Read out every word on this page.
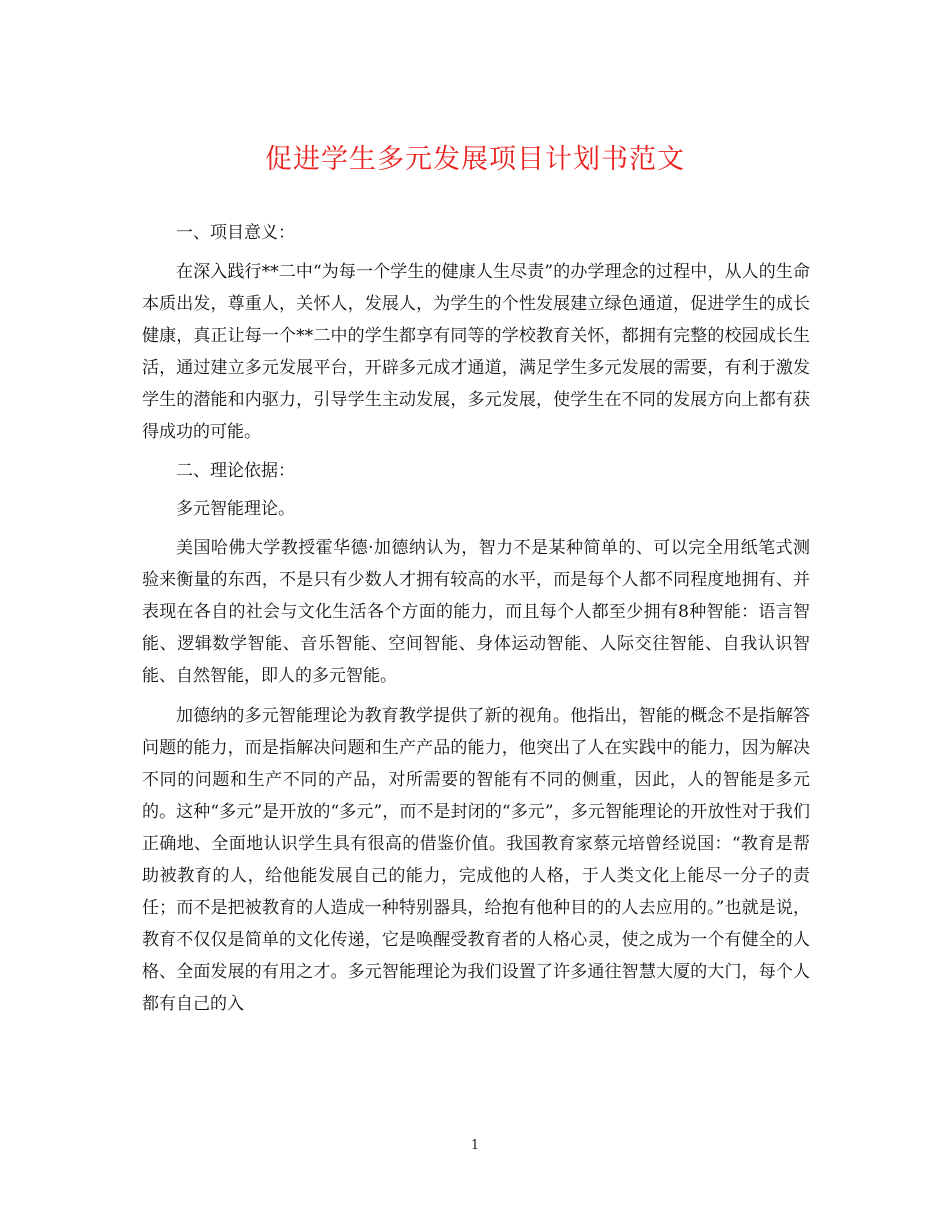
促进学生多元发展项目计划书范文

一、项目意义：

在深入践行**二中“为每一个学生的健康人生尽责”的办学理念的过程中，从人的生命本质出发，尊重人，关怀人，发展人，为学生的个性发展建立绿色通道，促进学生的成长健康，真正让每一个**二中的学生都享有同等的学校教育关怀，都拥有完整的校园成长生活，通过建立多元发展平台，开辟多元成才通道，满足学生多元发展的需要，有利于激发学生的潜能和内驱力，引导学生主动发展，多元发展，使学生在不同的发展方向上都有获得成功的可能。

二、理论依据：

多元智能理论。

美国哈佛大学教授霍华德·加德纳认为，智力不是某种简单的、可以完全用纸笔式测验来衡量的东西，不是只有少数人才拥有较高的水平，而是每个人都不同程度地拥有、并表现在各自的社会与文化生活各个方面的能力，而且每个人都至少拥有8种智能：语言智能、逻辑数学智能、音乐智能、空间智能、身体运动智能、人际交往智能、自我认识智能、自然智能，即人的多元智能。

加德纳的多元智能理论为教育教学提供了新的视角。他指出，智能的概念不是指解答问题的能力，而是指解决问题和生产产品的能力，他突出了人在实践中的能力，因为解决不同的问题和生产不同的产品，对所需要的智能有不同的侧重，因此，人的智能是多元的。这种“多元”是开放的“多元”，而不是封闭的“多元”，多元智能理论的开放性对于我们正确地、全面地认识学生具有很高的借鉴价值。我国教育家蔡元培曾经说国：“教育是帮助被教育的人，给他能发展自己的能力，完成他的人格，于人类文化上能尽一分子的责任；而不是把被教育的人造成一种特别器具，给抱有他种目的的人去应用的。”也就是说，教育不仅仅是简单的文化传递，它是唤醒受教育者的人格心灵，使之成为一个有健全的人格、全面发展的有用之才。多元智能理论为我们设置了许多通往智慧大厦的大门，每个人都有自己的入

1
